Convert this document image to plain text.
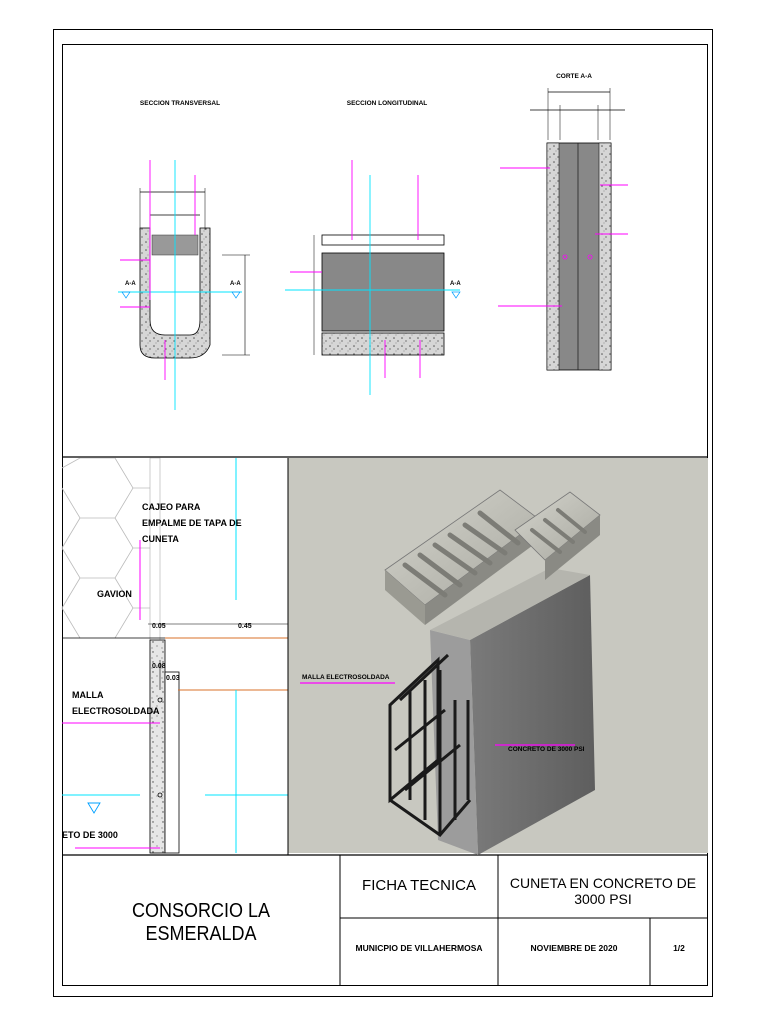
SECCION TRANSVERSAL
A-A	A-A
SECCION LONGITUDINAL
A-A
CORTE A-A
CAJEO PARA
EMPALME DE TAPA DE
CUNETA
GAVION
MALLA
ELECTROSOLDADA
ETO DE 3000
0.05	0.45
0.08
0.03	MALLA ELECTROSOLDADA
CONCRETO DE 3000 PSI
CONSORCIO LA ESMERALDA
FICHA TECNICA	CUNETA EN CONCRETO DE 3000 PSI
MUNICPIO DE VILLAHERMOSA	NOVIEMBRE DE 2020	1/2
